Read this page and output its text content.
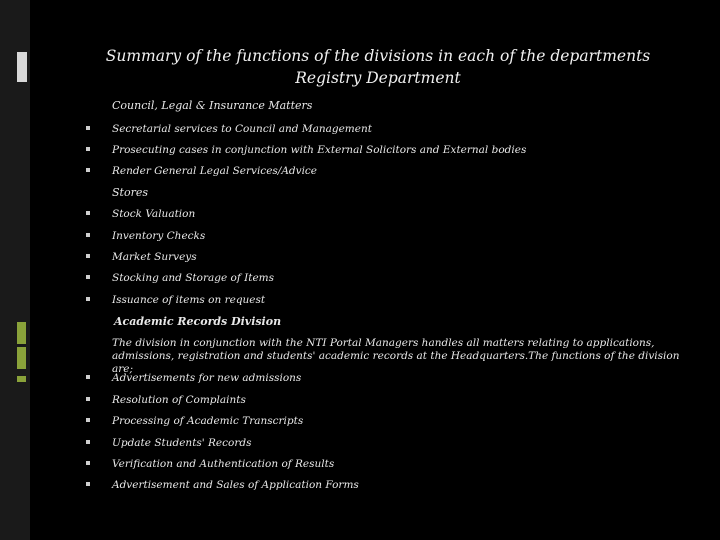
Summary of the functions of the divisions in each of the departments
Registry Department
Council, Legal & Insurance Matters
Secretarial services to Council and Management
Prosecuting cases in conjunction with External Solicitors and External bodies
Render General Legal Services/Advice
Stores
Stock Valuation
Inventory Checks
Market Surveys
Stocking and Storage of Items
Issuance of items on request
Academic Records Division
The division in conjunction with the NTI Portal Managers handles all matters relating to applications, admissions, registration and students' academic records at the Headquarters.The functions of the division are;
Advertisements for new admissions
Resolution of Complaints
Processing of Academic Transcripts
Update Students' Records
Verification and Authentication of Results
Advertisement and Sales of Application Forms
